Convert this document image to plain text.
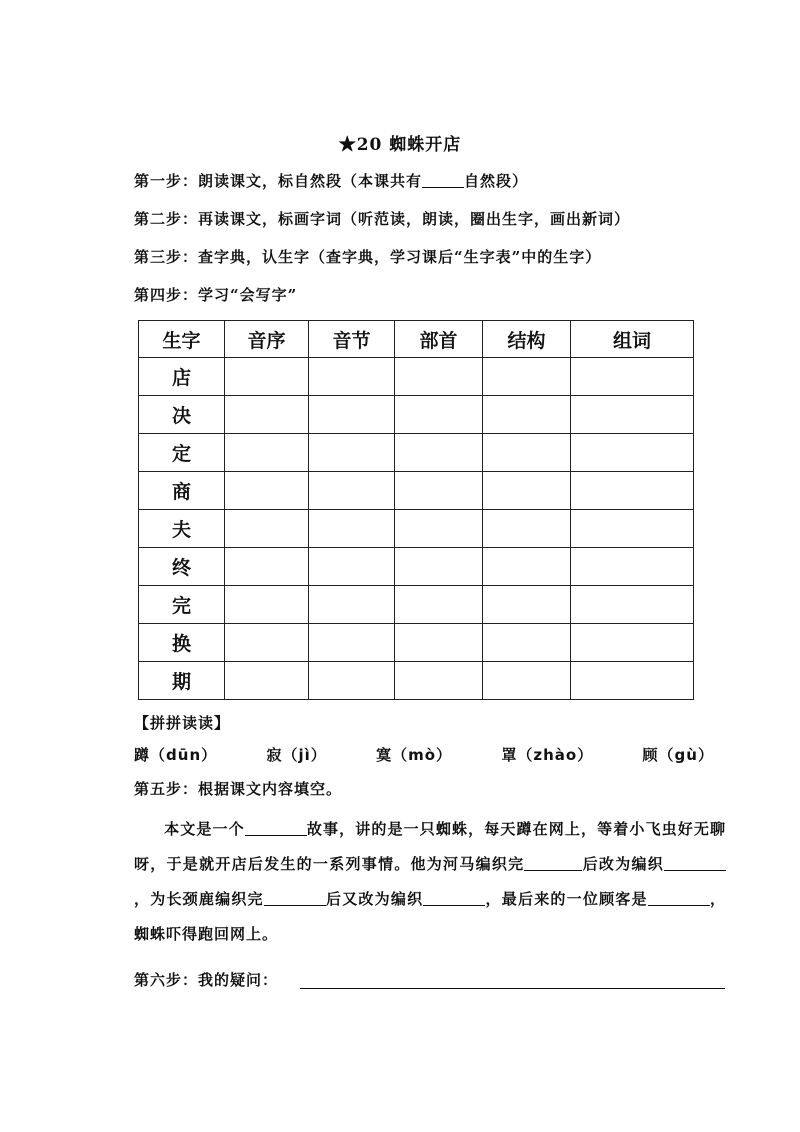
★20 蜘蛛开店
第一步：朗读课文，标自然段（本课共有	自然段）
第二步：再读课文，标画字词（听范读，朗读，圈出生字，画出新词）
第三步：查字典，认生字（查字典，学习课后“生字表”中的生字）
第四步：学习“会写字”
生字	音序	音节	部首	结构	组词
店					
决					
定					
商					
夫					
终					
完					
换					
期					
【拼拼读读】
蹲（dūn）	寂（jì）	寞（mò）	罩（zhào）	顾（gù）
第五步：根据课文内容填空。
本文是一个	故事，讲的是一只蜘蛛，每天蹲在网上，等着小飞虫好无聊呀，于是就开店后发生的一系列事情。他为河马编织完	后改为编织，为长颈鹿编织完	后又改为编织	，最后来的一位顾客是	，蜘蛛吓得跑回网上。
第六步：我的疑问：
